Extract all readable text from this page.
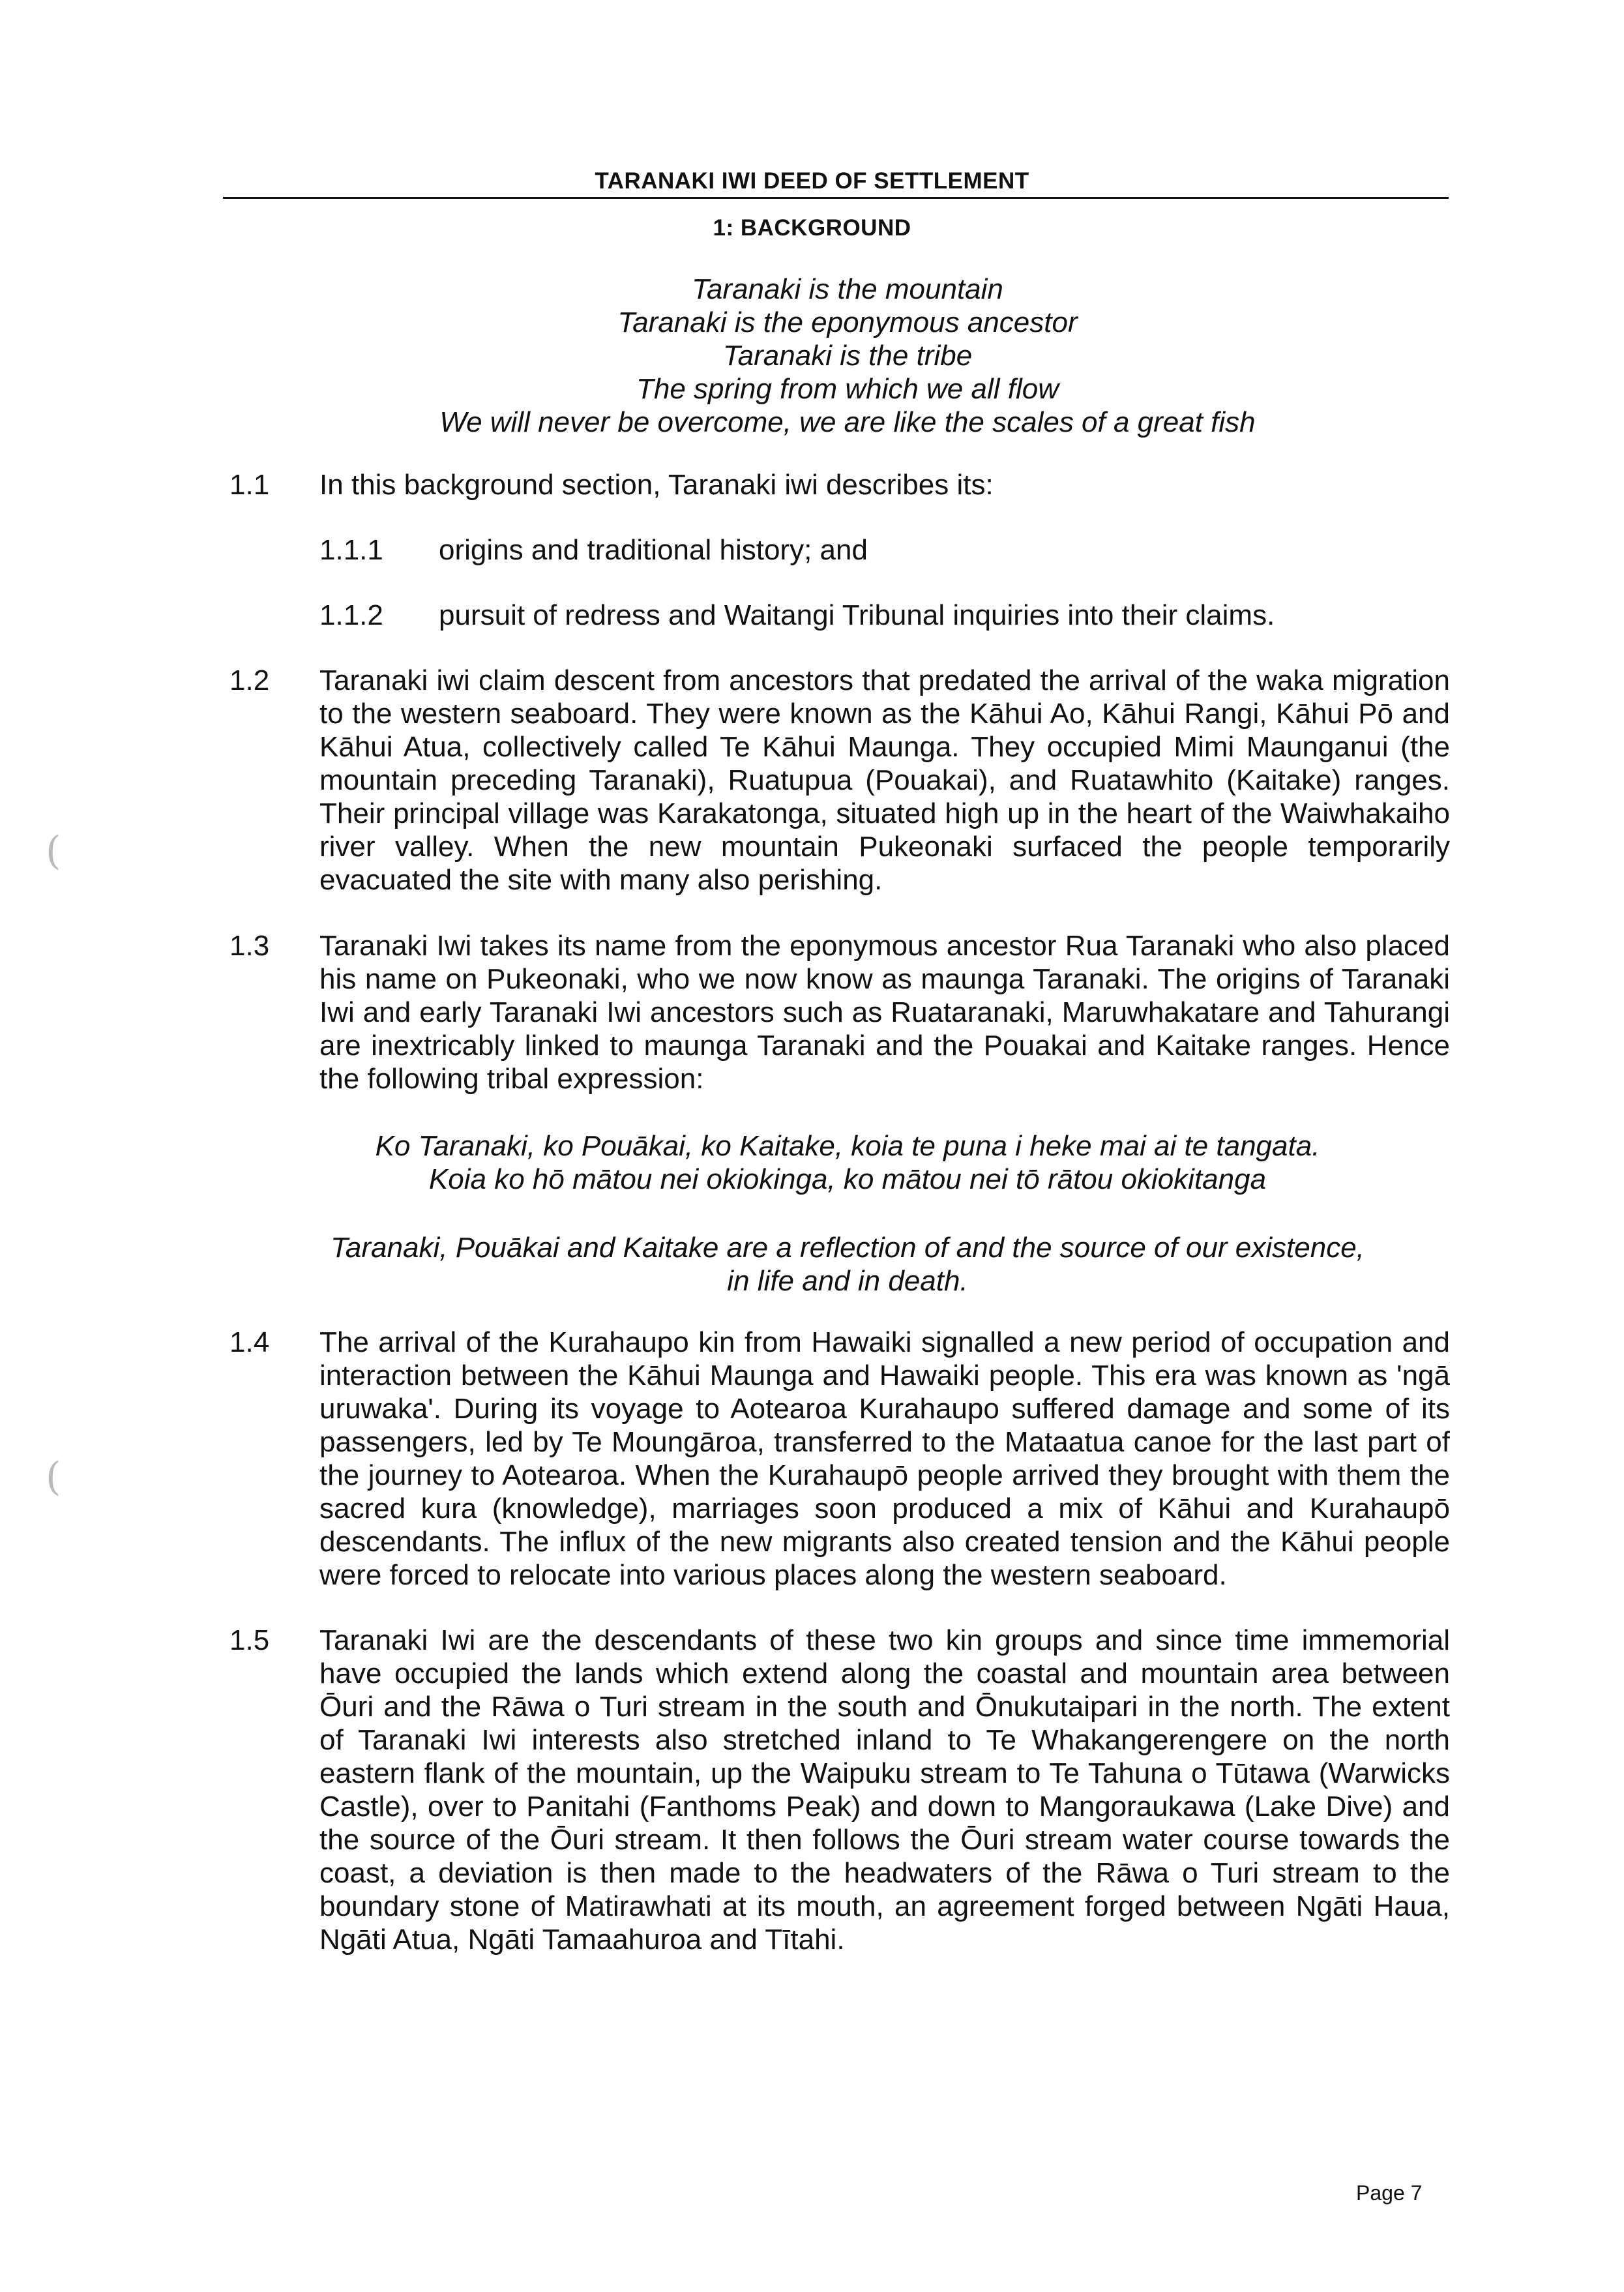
TARANAKI IWI DEED OF SETTLEMENT
1: BACKGROUND
Taranaki is the mountain
Taranaki is the eponymous ancestor
Taranaki is the tribe
The spring from which we all flow
We will never be overcome, we are like the scales of a great fish
1.1 In this background section, Taranaki iwi describes its:
1.1.1 origins and traditional history; and
1.1.2 pursuit of redress and Waitangi Tribunal inquiries into their claims.
1.2 Taranaki iwi claim descent from ancestors that predated the arrival of the waka migration to the western seaboard. They were known as the Kāhui Ao, Kāhui Rangi, Kāhui Pō and Kāhui Atua, collectively called Te Kāhui Maunga. They occupied Mimi Maunganui (the mountain preceding Taranaki), Ruatupua (Pouakai), and Ruatawhito (Kaitake) ranges. Their principal village was Karakatonga, situated high up in the heart of the Waiwhakaiho river valley. When the new mountain Pukeonaki surfaced the people temporarily evacuated the site with many also perishing.
1.3 Taranaki Iwi takes its name from the eponymous ancestor Rua Taranaki who also placed his name on Pukeonaki, who we now know as maunga Taranaki. The origins of Taranaki Iwi and early Taranaki Iwi ancestors such as Ruataranaki, Maruwhakatare and Tahurangi are inextricably linked to maunga Taranaki and the Pouakai and Kaitake ranges. Hence the following tribal expression:
Ko Taranaki, ko Pouākai, ko Kaitake, koia te puna i heke mai ai te tangata.
Koia ko hō mātou nei okiokinga, ko mātou nei tō rātou okiokitanga
Taranaki, Pouākai and Kaitake are a reflection of and the source of our existence,
in life and in death.
1.4 The arrival of the Kurahaupo kin from Hawaiki signalled a new period of occupation and interaction between the Kāhui Maunga and Hawaiki people. This era was known as 'ngā uruwaka'. During its voyage to Aotearoa Kurahaupo suffered damage and some of its passengers, led by Te Moungāroa, transferred to the Mataatua canoe for the last part of the journey to Aotearoa. When the Kurahaupō people arrived they brought with them the sacred kura (knowledge), marriages soon produced a mix of Kāhui and Kurahaupō descendants. The influx of the new migrants also created tension and the Kāhui people were forced to relocate into various places along the western seaboard.
1.5 Taranaki Iwi are the descendants of these two kin groups and since time immemorial have occupied the lands which extend along the coastal and mountain area between Ōuri and the Rāwa o Turi stream in the south and Ōnukutaipari in the north. The extent of Taranaki Iwi interests also stretched inland to Te Whakangerengere on the north eastern flank of the mountain, up the Waipuku stream to Te Tahuna o Tūtawa (Warwicks Castle), over to Panitahi (Fanthoms Peak) and down to Mangoraukawa (Lake Dive) and the source of the Ōuri stream. It then follows the Ōuri stream water course towards the coast, a deviation is then made to the headwaters of the Rāwa o Turi stream to the boundary stone of Matirawhati at its mouth, an agreement forged between Ngāti Haua, Ngāti Atua, Ngāti Tamaahuroa and Tītahi.
(
(
Page 7
